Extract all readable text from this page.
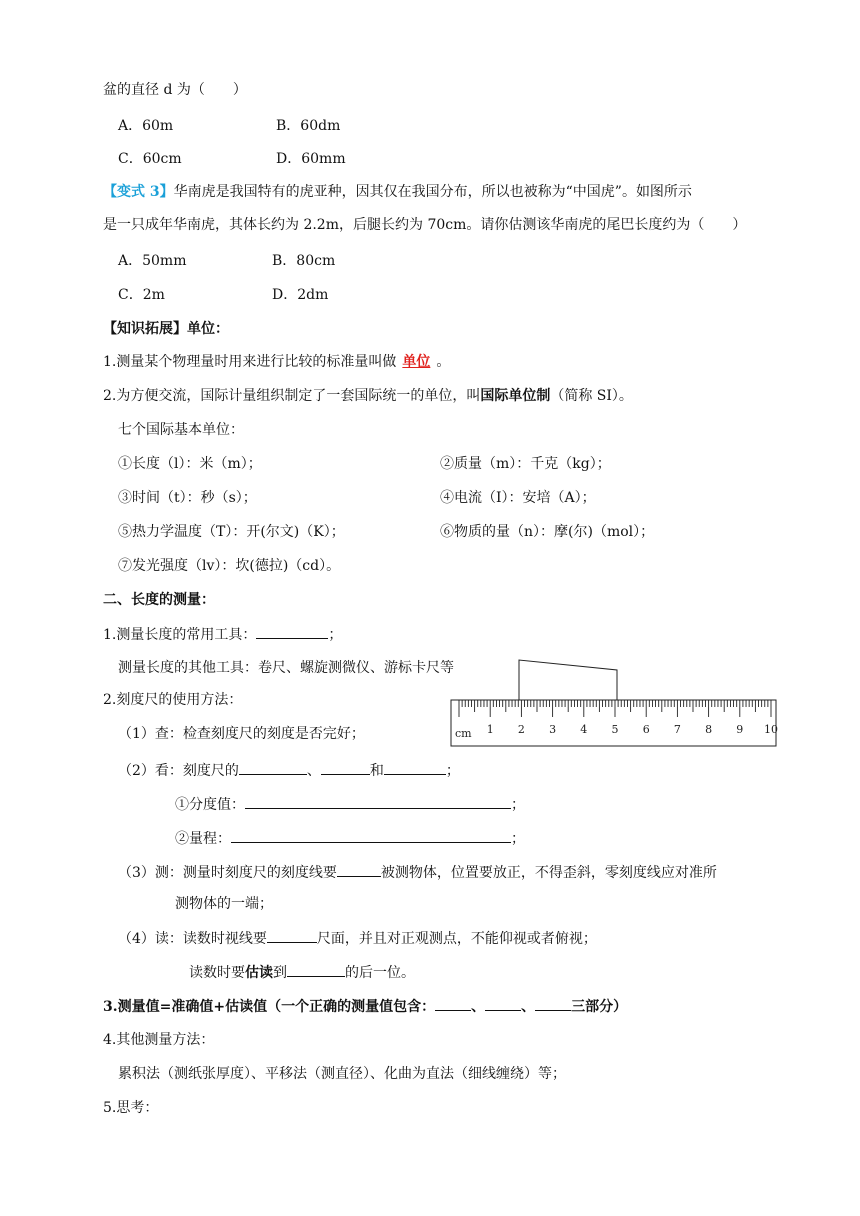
盆的直径 d 为（　　）
A．60m	B．60dm
C．60cm	D．60mm
【变式 3】华南虎是我国特有的虎亚种，因其仅在我国分布，所以也被称为“中国虎”。如图所示
是一只成年华南虎，其体长约为 2.2m，后腿长约为 70cm。请你估测该华南虎的尾巴长度约为（　　）
A．50mm	B．80cm
C．2m	D．2dm
【知识拓展】单位：
1.测量某个物理量时用来进行比较的标准量叫做 单位 。
2.为方便交流，国际计量组织制定了一套国际统一的单位，叫国际单位制（简称 SI）。
七个国际基本单位：
①长度（l）：米（m）；	②质量（m）：千克（kg）；
③时间（t）：秒（s）；	④电流（I）：安培（A）；
⑤热力学温度（T）：开(尔文)（K）；	⑥物质的量（n）：摩(尔)（mol）；
⑦发光强度（lv）：坎(德拉)（cd）。
二、长度的测量：
1.测量长度的常用工具：	；
测量长度的其他工具：卷尺、螺旋测微仪、游标卡尺等
2.刻度尺的使用方法：
（1）查：检查刻度尺的刻度是否完好；
（2）看：刻度尺的	、	和	；
①分度值：	；
②量程：	；
（3）测：测量时刻度尺的刻度线要	被测物体，位置要放正，不得歪斜，零刻度线应对准所
测物体的一端；
（4）读：读数时视线要	尺面，并且对正观测点，不能仰视或者俯视；
读数时要估读到	的后一位。
3.测量值=准确值+估读值（一个正确的测量值包含：	、	、	三部分）
4.其他测量方法：
累积法（测纸张厚度）、平移法（测直径）、化曲为直法（细线缠绕）等；
5.思考：
cm 1 2 3 4 5 6 7 8 9 10
